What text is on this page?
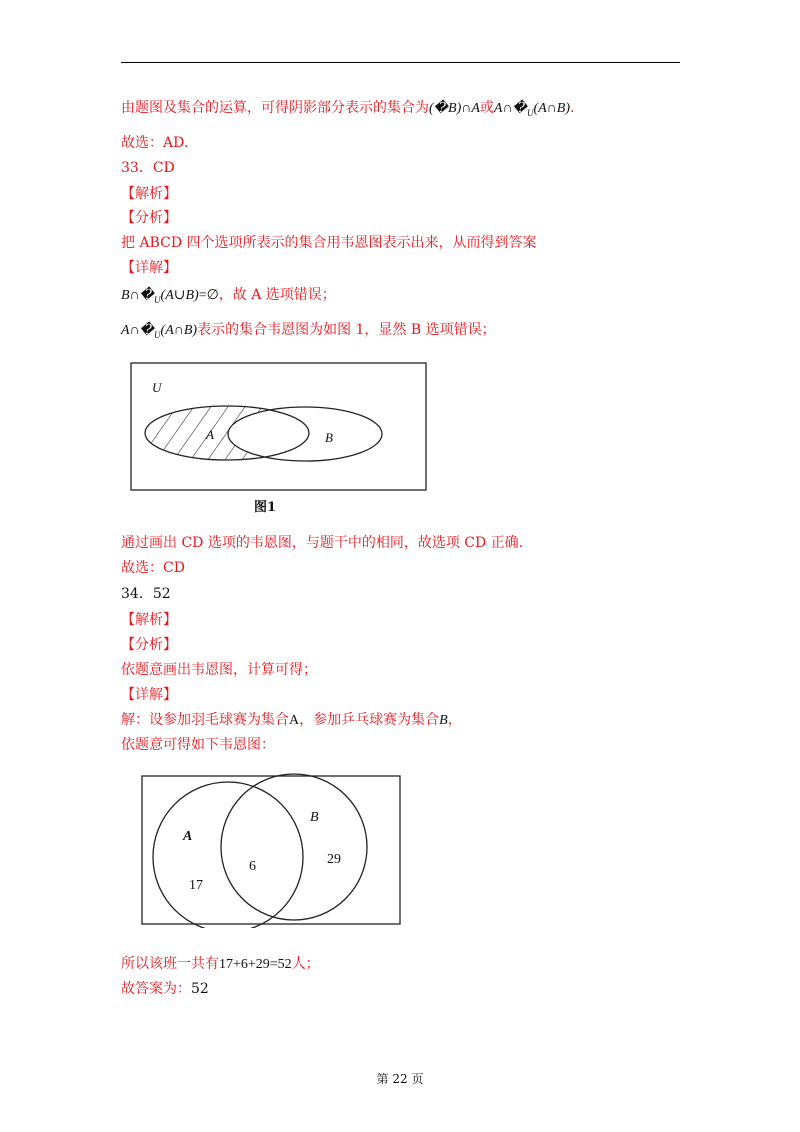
由题图及集合的运算，可得阴影部分表示的集合为(�B)∩A或$A\cap�_U(A\cap B)$.
故选：AD.
33．CD
【解析】
【分析】
把 ABCD 四个选项所表示的集合用韦恩图表示出来，从而得到答案
【详解】
$B\cap�_U(A\cup B)=\emptyset$，故 A 选项错误；
$A\cap�_U(A\cap B)$表示的集合韦恩图为如图 1，显然 B 选项错误；
U
A	B
图1
通过画出 CD 选项的韦恩图，与题干中的相同，故选项 CD 正确.
故选：CD
34．52
【解析】
【分析】
依题意画出韦恩图，计算可得；
【详解】
解：设参加羽毛球赛为集合A，参加乒乓球赛为集合B，
依题意可得如下韦恩图：
A
B
17
6	29
所以该班一共有17+6+29=52人；
故答案为：52
第 22 页
